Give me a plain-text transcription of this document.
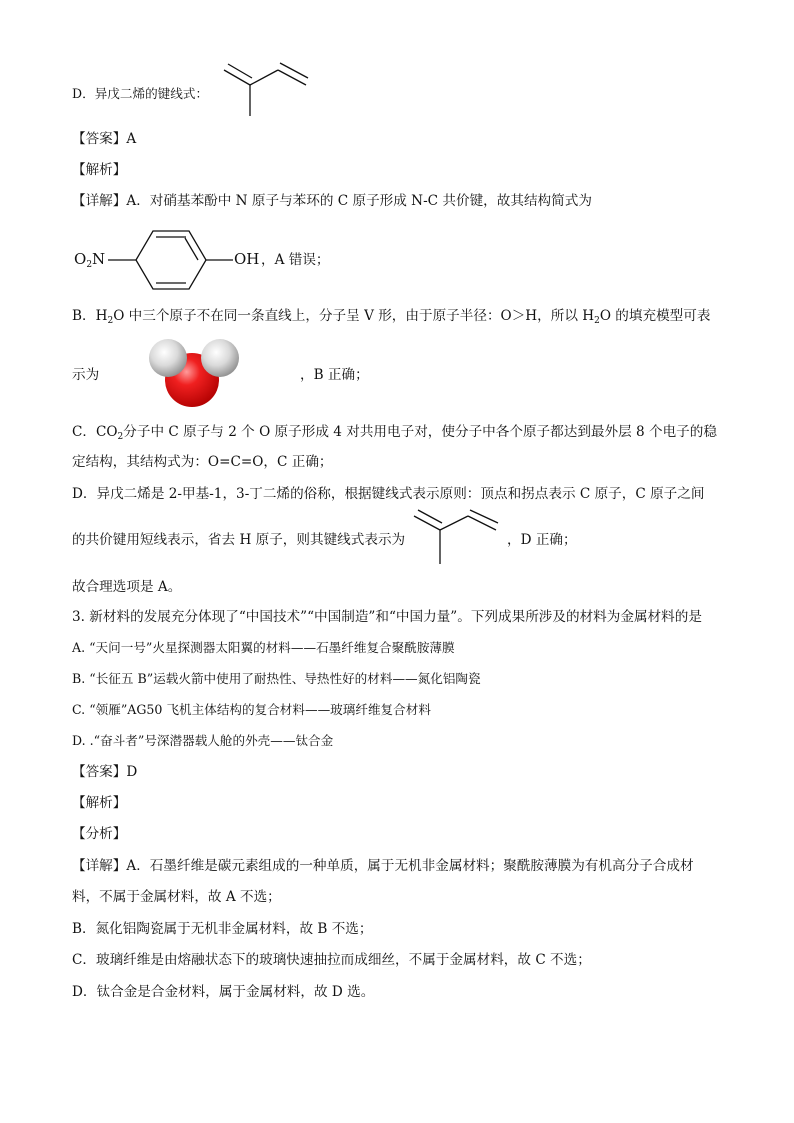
D．异戊二烯的键线式：
【答案】A
【解析】
【详解】A．对硝基苯酚中 N 原子与苯环的 C 原子形成 N-C 共价键，故其结构简式为
$O_2N$	OH ，A 错误；
B．$H_2O$ 中三个原子不在同一条直线上，分子呈 V 形，由于原子半径：O＞H，所以 $H_2O$ 的填充模型可表
示为	，B 正确；
C．$CO_2$分子中 C 原子与 2 个 O 原子形成 4 对共用电子对，使分子中各个原子都达到最外层 8 个电子的稳
定结构，其结构式为：O=C=O，C 正确；
D．异戊二烯是 2-甲基-1，3-丁二烯的俗称，根据键线式表示原则：顶点和拐点表示 C 原子，C 原子之间
的共价键用短线表示，省去 H 原子，则其键线式表示为	，D 正确；
故合理选项是 A。
3. 新材料的发展充分体现了“中国技术”“中国制造”和“中国力量”。下列成果所涉及的材料为金属材料的是
A. “天问一号”火星探测器太阳翼的材料——石墨纤维复合聚酰胺薄膜
B. “长征五 B”运载火箭中使用了耐热性、导热性好的材料——氮化铝陶瓷
C. “领雁”AG50 飞机主体结构的复合材料——玻璃纤维复合材料
D. .“奋斗者”号深潜器载人舱的外壳——钛合金
【答案】D
【解析】
【分析】
【详解】A．石墨纤维是碳元素组成的一种单质，属于无机非金属材料；聚酰胺薄膜为有机高分子合成材
料，不属于金属材料，故 A 不选；
B．氮化铝陶瓷属于无机非金属材料，故 B 不选；
C．玻璃纤维是由熔融状态下的玻璃快速抽拉而成细丝，不属于金属材料，故 C 不选；
D．钛合金是合金材料，属于金属材料，故 D 选。
